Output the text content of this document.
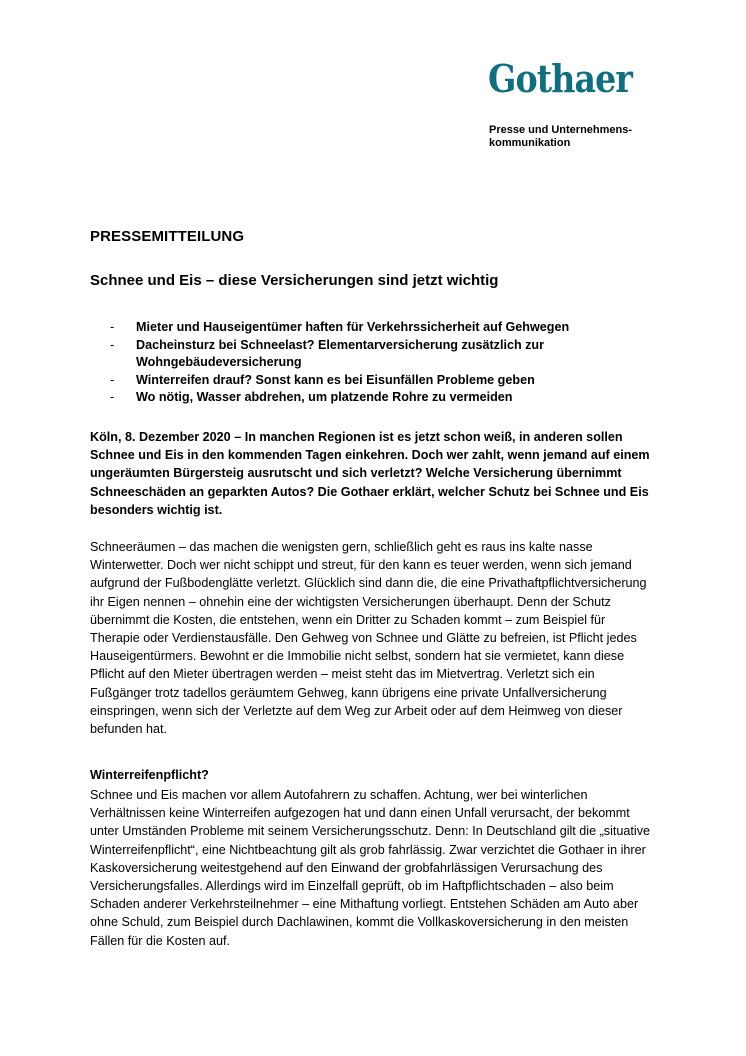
Gothaer
Presse und Unternehmens-
kommunikation
PRESSEMITTEILUNG
Schnee und Eis – diese Versicherungen sind jetzt wichtig
- Mieter und Hauseigentümer haften für Verkehrssicherheit auf Gehwegen
- Dacheinsturz bei Schneelast? Elementarversicherung zusätzlich zur Wohngebäudeversicherung
- Winterreifen drauf? Sonst kann es bei Eisunfällen Probleme geben
- Wo nötig, Wasser abdrehen, um platzende Rohre zu vermeiden

Köln, 8. Dezember 2020 – In manchen Regionen ist es jetzt schon weiß, in anderen sollen Schnee und Eis in den kommenden Tagen einkehren. Doch wer zahlt, wenn jemand auf einem ungeräumten Bürgersteig ausrutscht und sich verletzt? Welche Versicherung übernimmt Schneeschäden an geparkten Autos? Die Gothaer erklärt, welcher Schutz bei Schnee und Eis besonders wichtig ist.

Schneeräumen – das machen die wenigsten gern, schließlich geht es raus ins kalte nasse Winterwetter. Doch wer nicht schippt und streut, für den kann es teuer werden, wenn sich jemand aufgrund der Fußbodenglätte verletzt. Glücklich sind dann die, die eine Privathaftpflichtversicherung ihr Eigen nennen – ohnehin eine der wichtigsten Versicherungen überhaupt. Denn der Schutz übernimmt die Kosten, die entstehen, wenn ein Dritter zu Schaden kommt – zum Beispiel für Therapie oder Verdienstausfälle. Den Gehweg von Schnee und Glätte zu befreien, ist Pflicht jedes Hauseigentürmers. Bewohnt er die Immobilie nicht selbst, sondern hat sie vermietet, kann diese Pflicht auf den Mieter übertragen werden – meist steht das im Mietvertrag. Verletzt sich ein Fußgänger trotz tadellos geräumtem Gehweg, kann übrigens eine private Unfallversicherung einspringen, wenn sich der Verletzte auf dem Weg zur Arbeit oder auf dem Heimweg von dieser befunden hat.

Winterreifenpflicht?

Schnee und Eis machen vor allem Autofahrern zu schaffen. Achtung, wer bei winterlichen Verhältnissen keine Winterreifen aufgezogen hat und dann einen Unfall verursacht, der bekommt unter Umständen Probleme mit seinem Versicherungsschutz. Denn: In Deutschland gilt die „situative Winterreifenpflicht“, eine Nichtbeachtung gilt als grob fahrlässig. Zwar verzichtet die Gothaer in ihrer Kaskoversicherung weitestgehend auf den Einwand der grobfahrlässigen Verursachung des Versicherungsfalles. Allerdings wird im Einzelfall geprüft, ob im Haftpflichtschaden – also beim Schaden anderer Verkehrsteilnehmer – eine Mithaftung vorliegt. Entstehen Schäden am Auto aber ohne Schuld, zum Beispiel durch Dachlawinen, kommt die Vollkaskoversicherung in den meisten Fällen für die Kosten auf.
